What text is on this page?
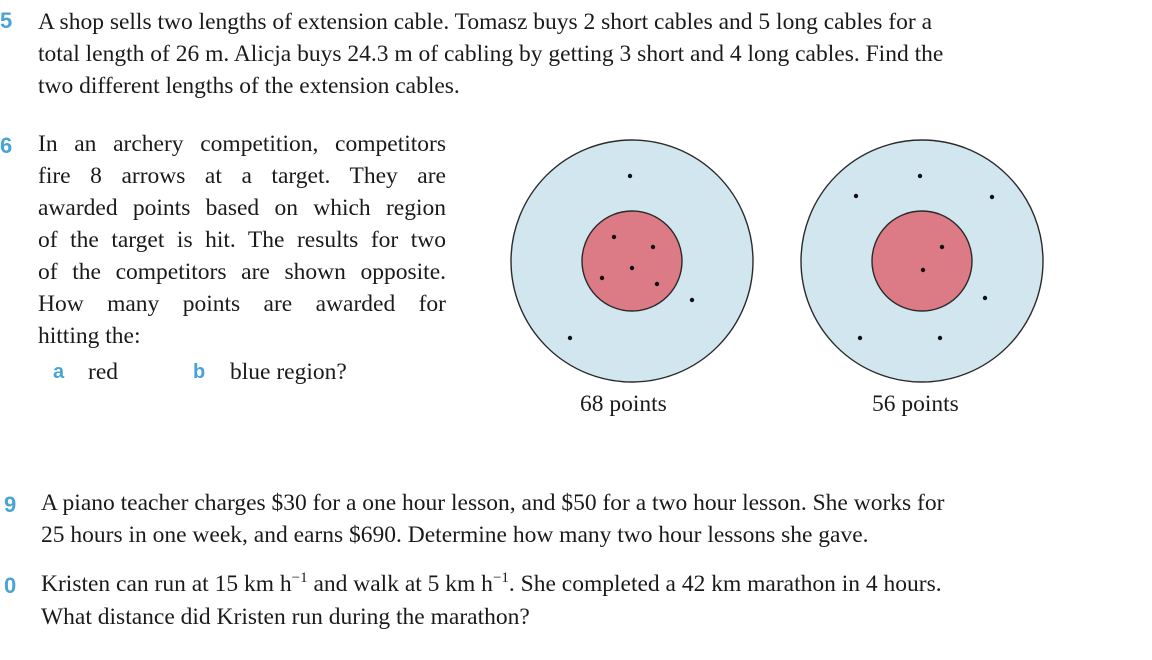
5 A shop sells two lengths of extension cable. Tomasz buys 2 short cables and 5 long cables for a
total length of 26 m. Alicja buys 24.3 m of cabling by getting 3 short and 4 long cables. Find the
two different lengths of the extension cables.
6 In an archery competition, competitors
fire 8 arrows at a target. They are
awarded points based on which region
of the target is hit. The results for two
of the competitors are shown opposite.
How many points are awarded for
hitting the:
a red	b blue region?
68 points	56 points
9 A piano teacher charges $30 for a one hour lesson, and $50 for a two hour lesson. She works for
25 hours in one week, and earns $690. Determine how many two hour lessons she gave.
0 Kristen can run at 15 km $h^{-1}$ and walk at 5 km $h^{-1}$. She completed a 42 km marathon in 4 hours.
What distance did Kristen run during the marathon?
